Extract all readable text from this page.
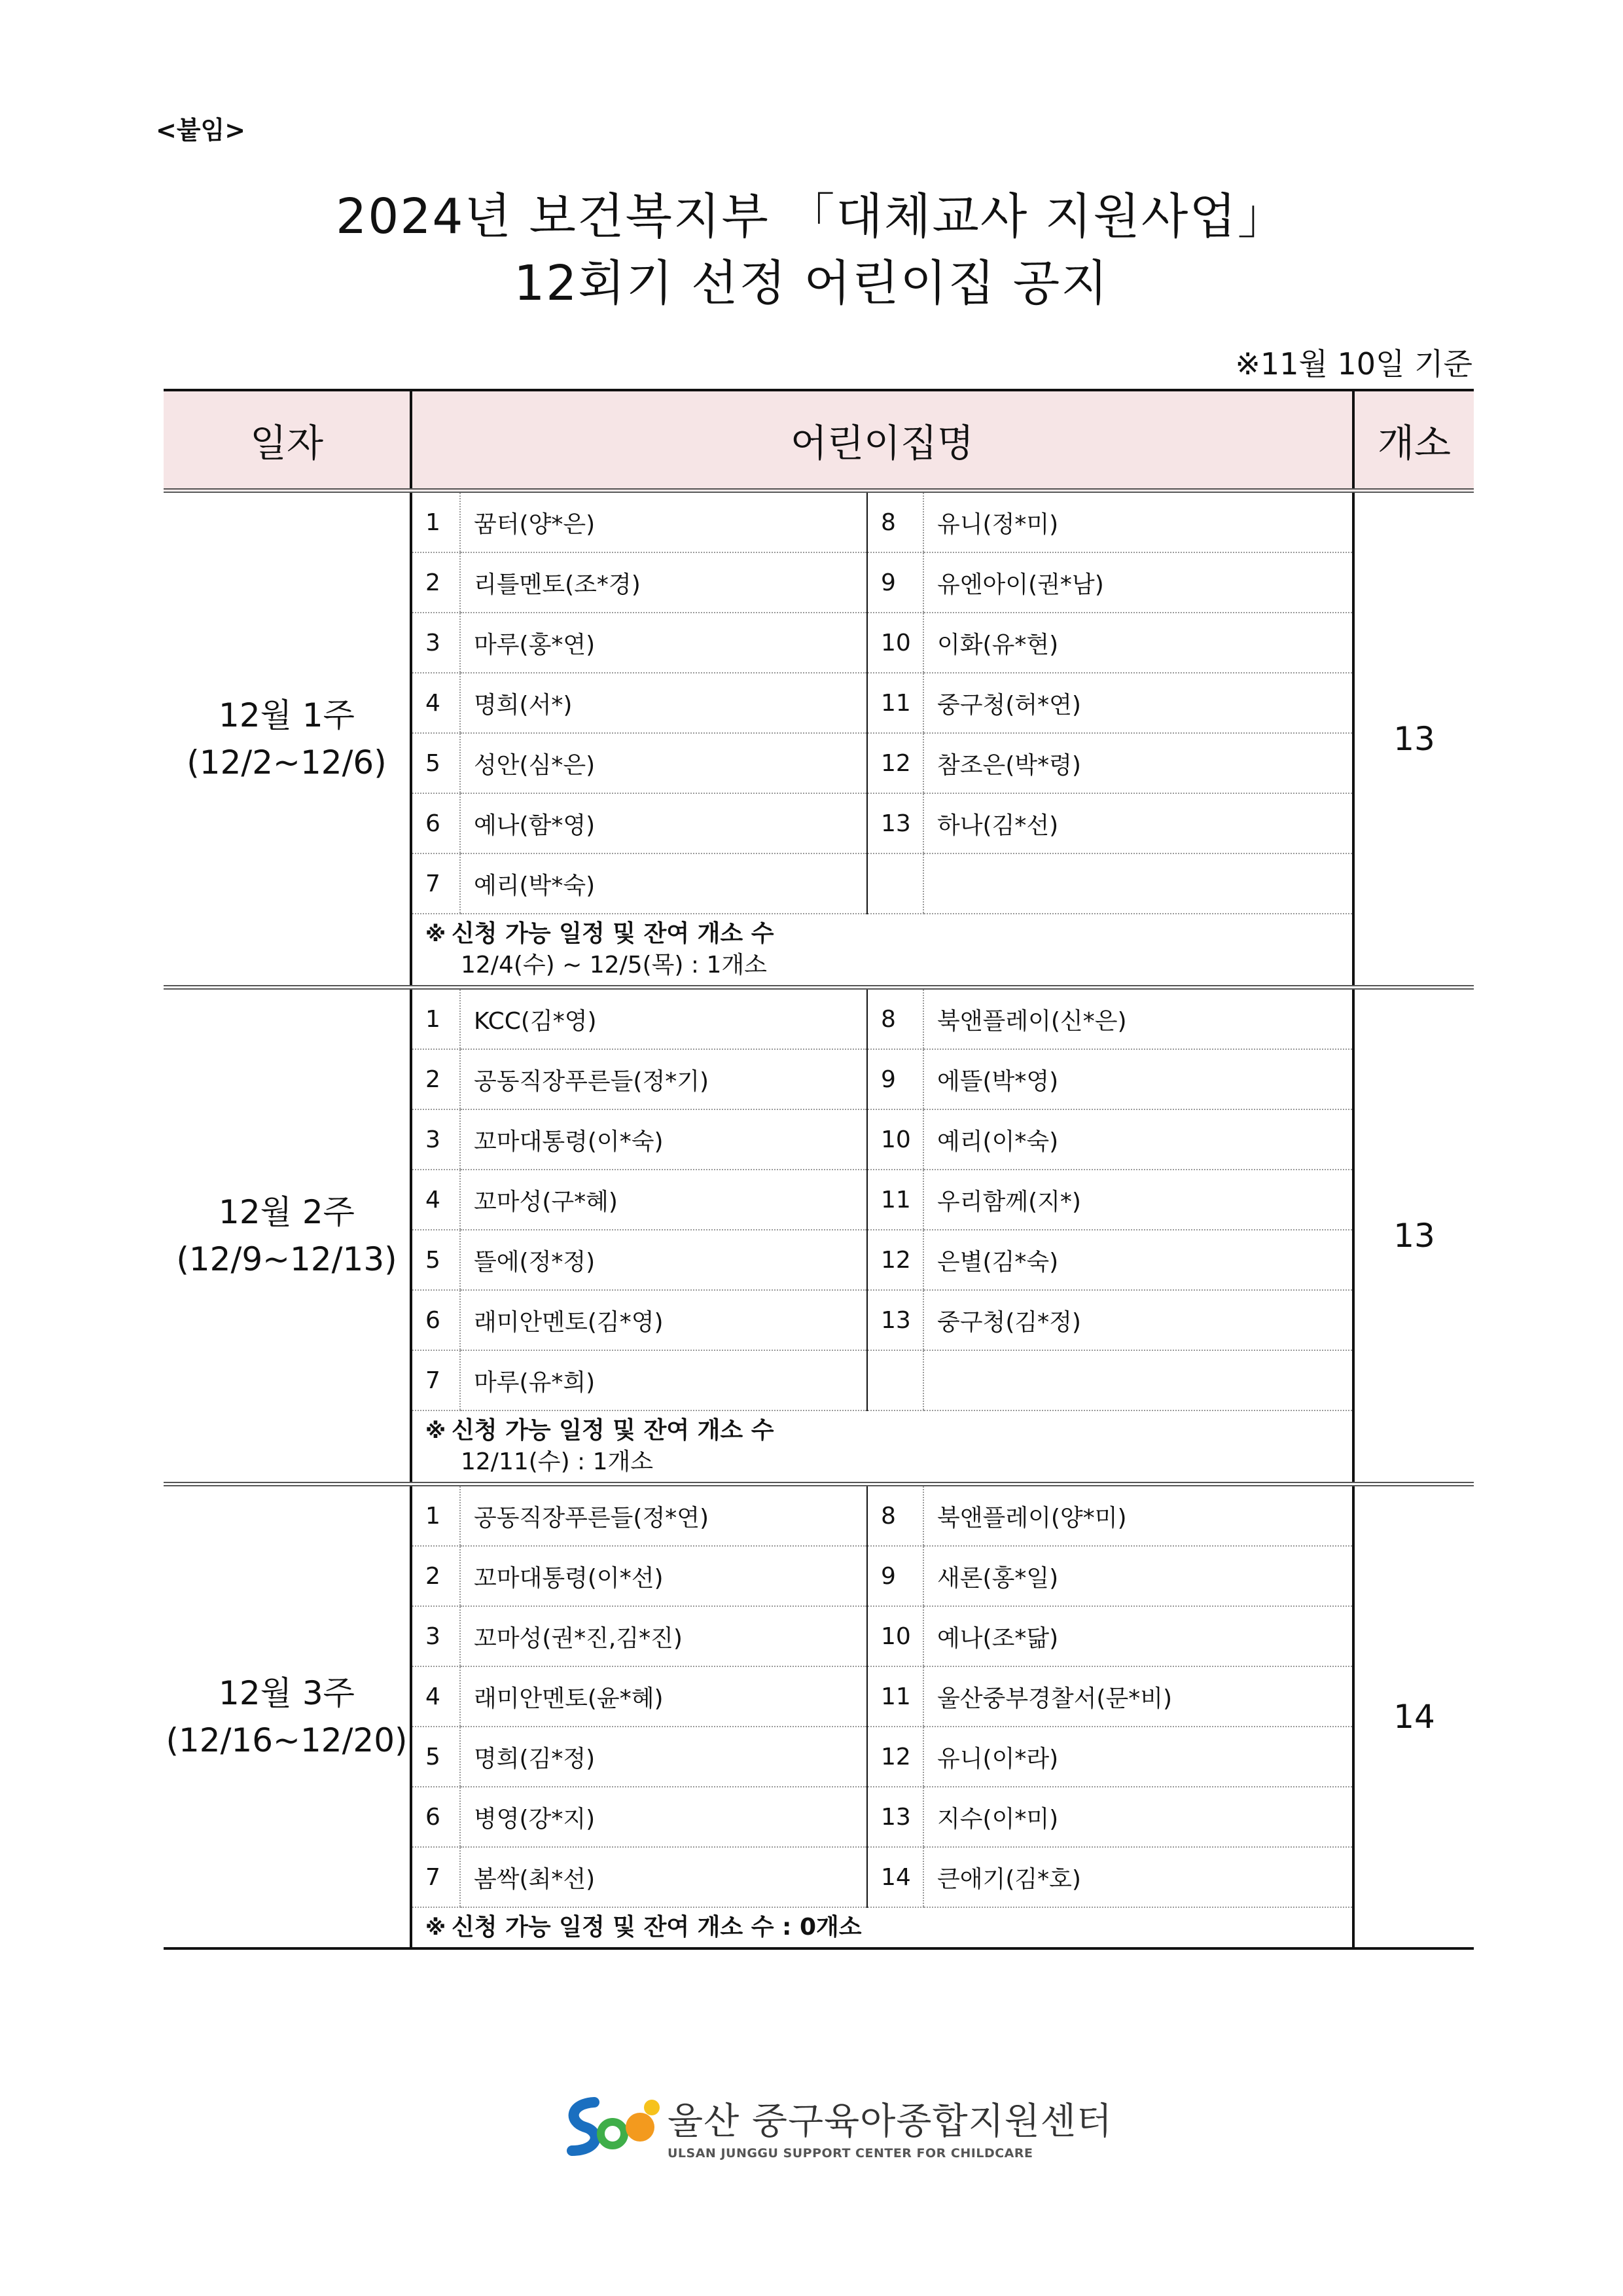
<붙임>
2024년 보건복지부 「대체교사 지원사업」
12회기 선정 어린이집 공지
※11월 10일 기준
일자	어린이집명	개소

12월 1주
(12/2~12/6)

1	꿈터(양*은)	8	유니(정*미)
2	리틀멘토(조*경)	9	유엔아이(권*남)
3	마루(홍*연)	10	이화(유*현)
4	명희(서*)	11	중구청(허*연)
5	성안(심*은)	12	참조은(박*령)
6	예나(함*영)	13	하나(김*선)
7	예리(박*숙)		
※ 신청 가능 일정 및 잔여 개소 수
12/4(수) ~ 12/5(목) : 1개소
	13

12월 2주
(12/9~12/13)

1	KCC(김*영)	8	북앤플레이(신*은)
2	공동직장푸른들(정*기)	9	에뜰(박*영)
3	꼬마대통령(이*숙)	10	예리(이*숙)
4	꼬마성(구*혜)	11	우리함께(지*)
5	뜰에(정*정)	12	은별(김*숙)
6	래미안멘토(김*영)	13	중구청(김*정)
7	마루(유*희)		
※ 신청 가능 일정 및 잔여 개소 수
12/11(수) : 1개소
	13

12월 3주
(12/16~12/20)

1	공동직장푸른들(정*연)	8	북앤플레이(양*미)
2	꼬마대통령(이*선)	9	새론(홍*일)
3	꼬마성(권*진,김*진)	10	예나(조*닮)
4	래미안멘토(윤*혜)	11	울산중부경찰서(문*비)
5	명희(김*정)	12	유니(이*라)
6	병영(강*지)	13	지수(이*미)
7	봄싹(최*선)	14	큰애기(김*호)
※ 신청 가능 일정 및 잔여 개소 수 : 0개소
	14
울산 중구육아종합지원센터
ULSAN JUNGGU SUPPORT CENTER FOR CHILDCARE
